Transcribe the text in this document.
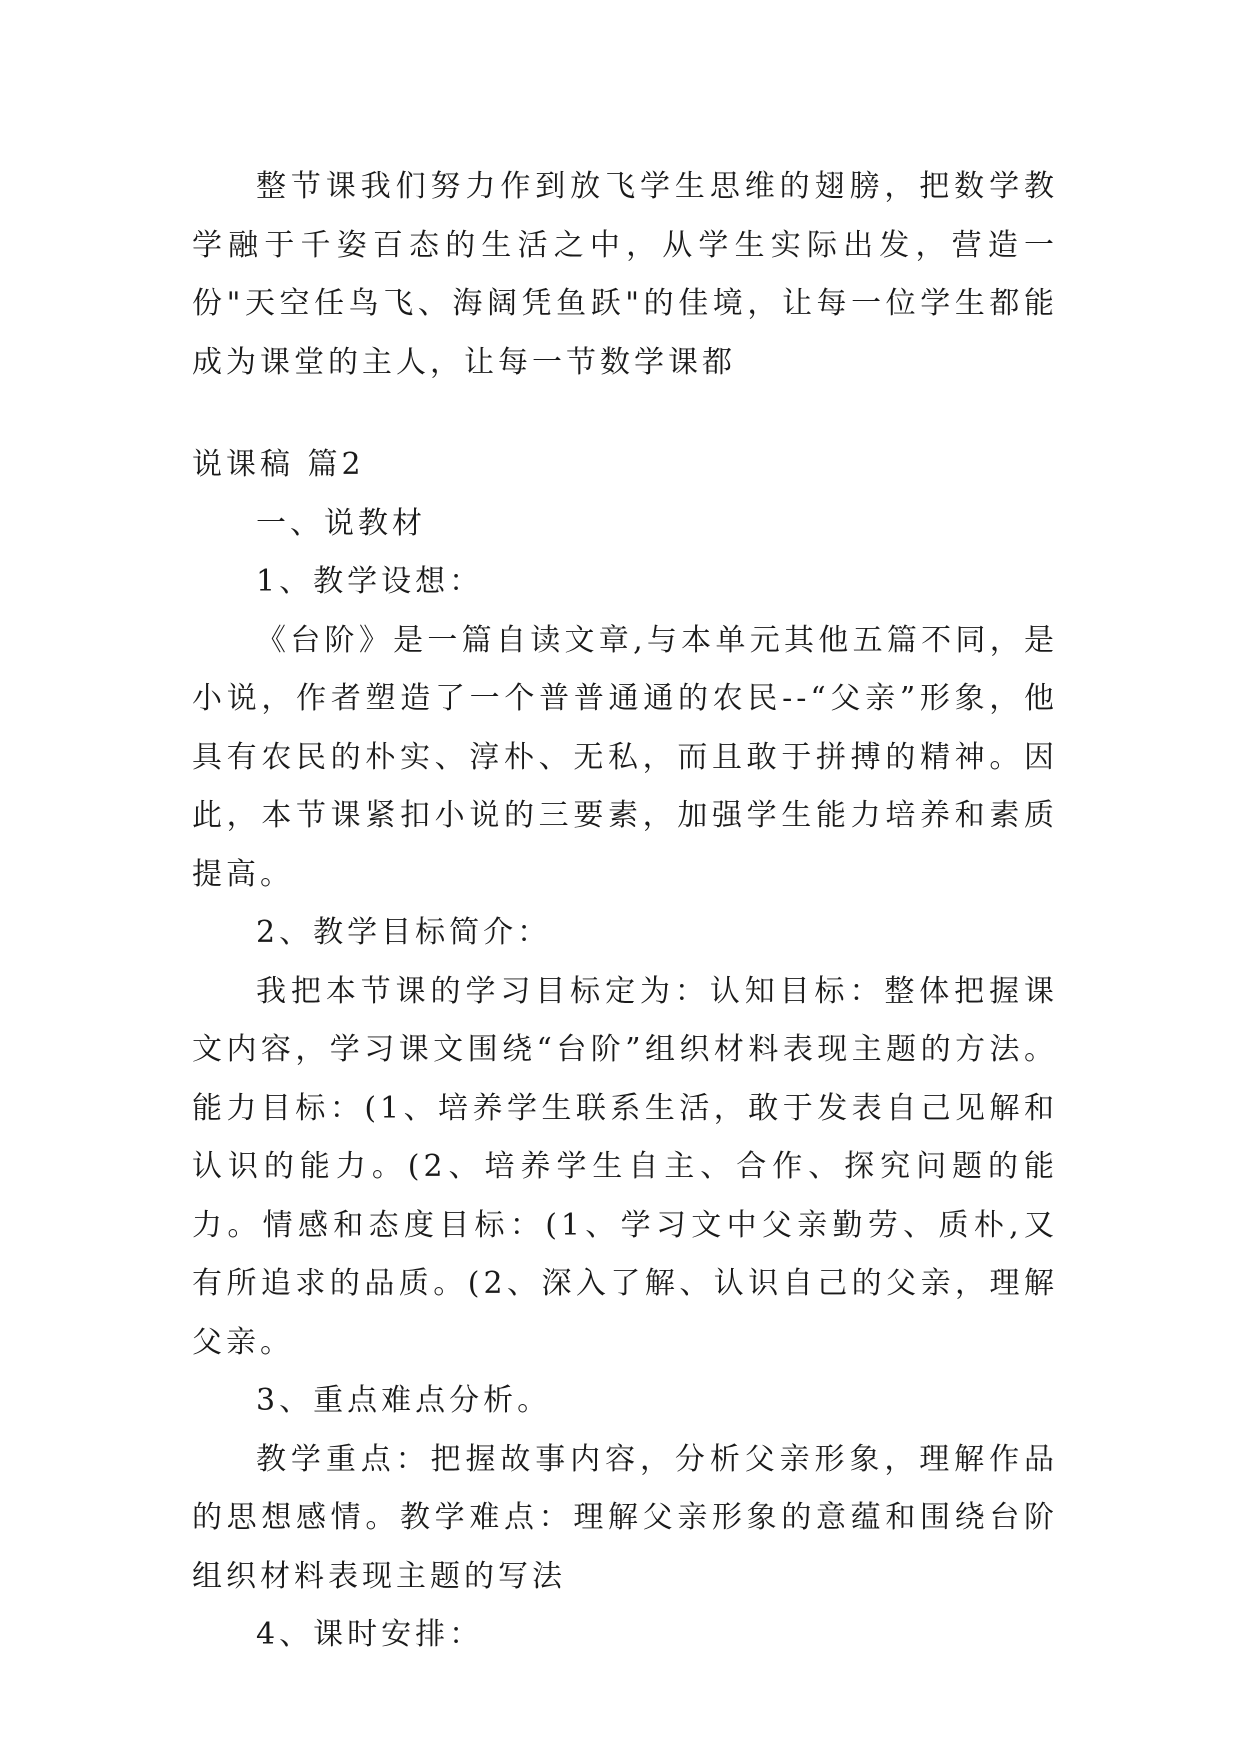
整节课我们努力作到放飞学生思维的翅膀，把数学教学融于千姿百态的生活之中，从学生实际出发，营造一份"天空任鸟飞、海阔凭鱼跃"的佳境，让每一位学生都能成为课堂的主人，让每一节数学课都

说课稿 篇2

一、说教材

1、教学设想：

《台阶》是一篇自读文章,与本单元其他五篇不同，是小说，作者塑造了一个普普通通的农民--“父亲”形象，他具有农民的朴实、淳朴、无私，而且敢于拼搏的精神。因此，本节课紧扣小说的三要素，加强学生能力培养和素质提高。

2、教学目标简介：

我把本节课的学习目标定为：认知目标：整体把握课文内容，学习课文围绕“台阶”组织材料表现主题的方法。能力目标：(1、培养学生联系生活，敢于发表自己见解和认识的能力。(2、培养学生自主、合作、探究问题的能力。情感和态度目标：(1、学习文中父亲勤劳、质朴,又有所追求的品质。(2、深入了解、认识自己的父亲，理解父亲。

3、重点难点分析。

教学重点：把握故事内容，分析父亲形象，理解作品的思想感情。教学难点：理解父亲形象的意蕴和围绕台阶组织材料表现主题的写法

4、课时安排：
